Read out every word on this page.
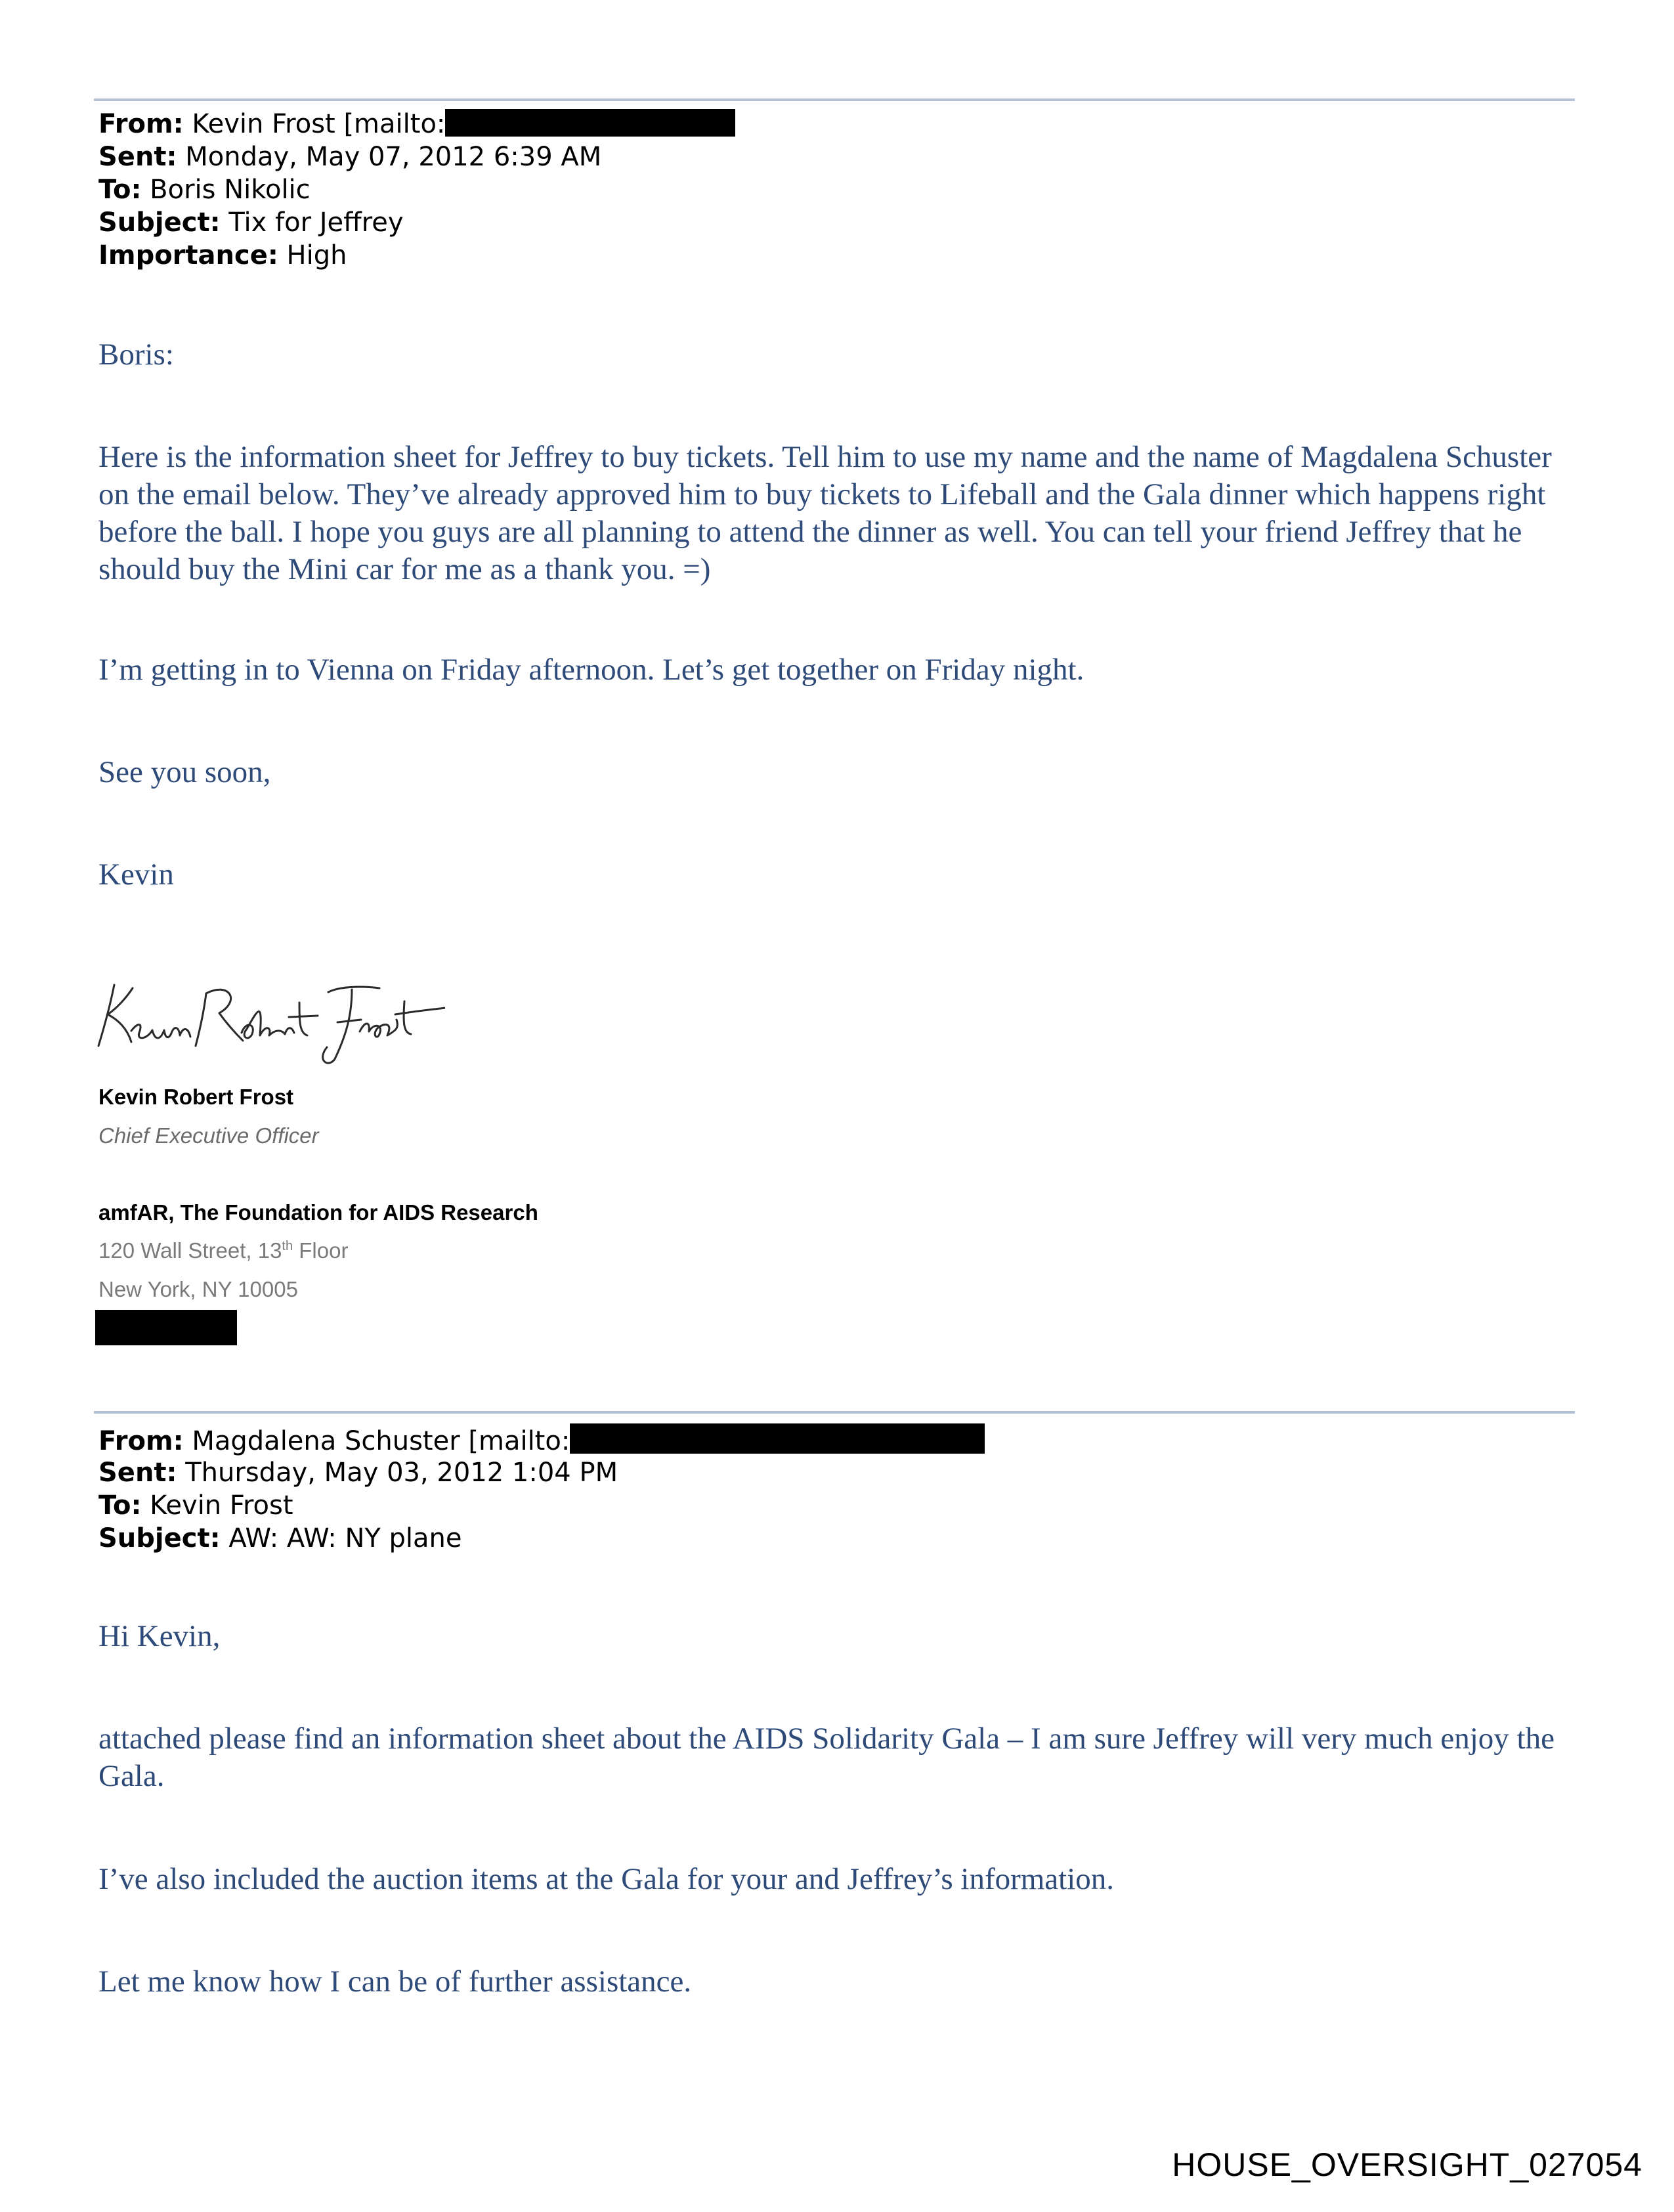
From: Kevin Frost [mailto:
Sent: Monday, May 07, 2012 6:39 AM
To: Boris Nikolic
Subject: Tix for Jeffrey
Importance: High
Boris:
Here is the information sheet for Jeffrey to buy tickets. Tell him to use my name and the name of Magdalena Schuster on the email below. They’ve already approved him to buy tickets to Lifeball and the Gala dinner which happens right before the ball. I hope you guys are all planning to attend the dinner as well. You can tell your friend Jeffrey that he should buy the Mini car for me as a thank you. =)
I’m getting in to Vienna on Friday afternoon. Let’s get together on Friday night.
See you soon,
Kevin
Kevin Robert Frost
Chief Executive Officer
amfAR, The Foundation for AIDS Research
120 Wall Street, 13th Floor
New York, NY 10005
From: Magdalena Schuster [mailto:
Sent: Thursday, May 03, 2012 1:04 PM
To: Kevin Frost
Subject: AW: AW: NY plane
Hi Kevin,
attached please find an information sheet about the AIDS Solidarity Gala – I am sure Jeffrey will very much enjoy the Gala.
I’ve also included the auction items at the Gala for your and Jeffrey’s information.
Let me know how I can be of further assistance.
HOUSE_OVERSIGHT_027054
